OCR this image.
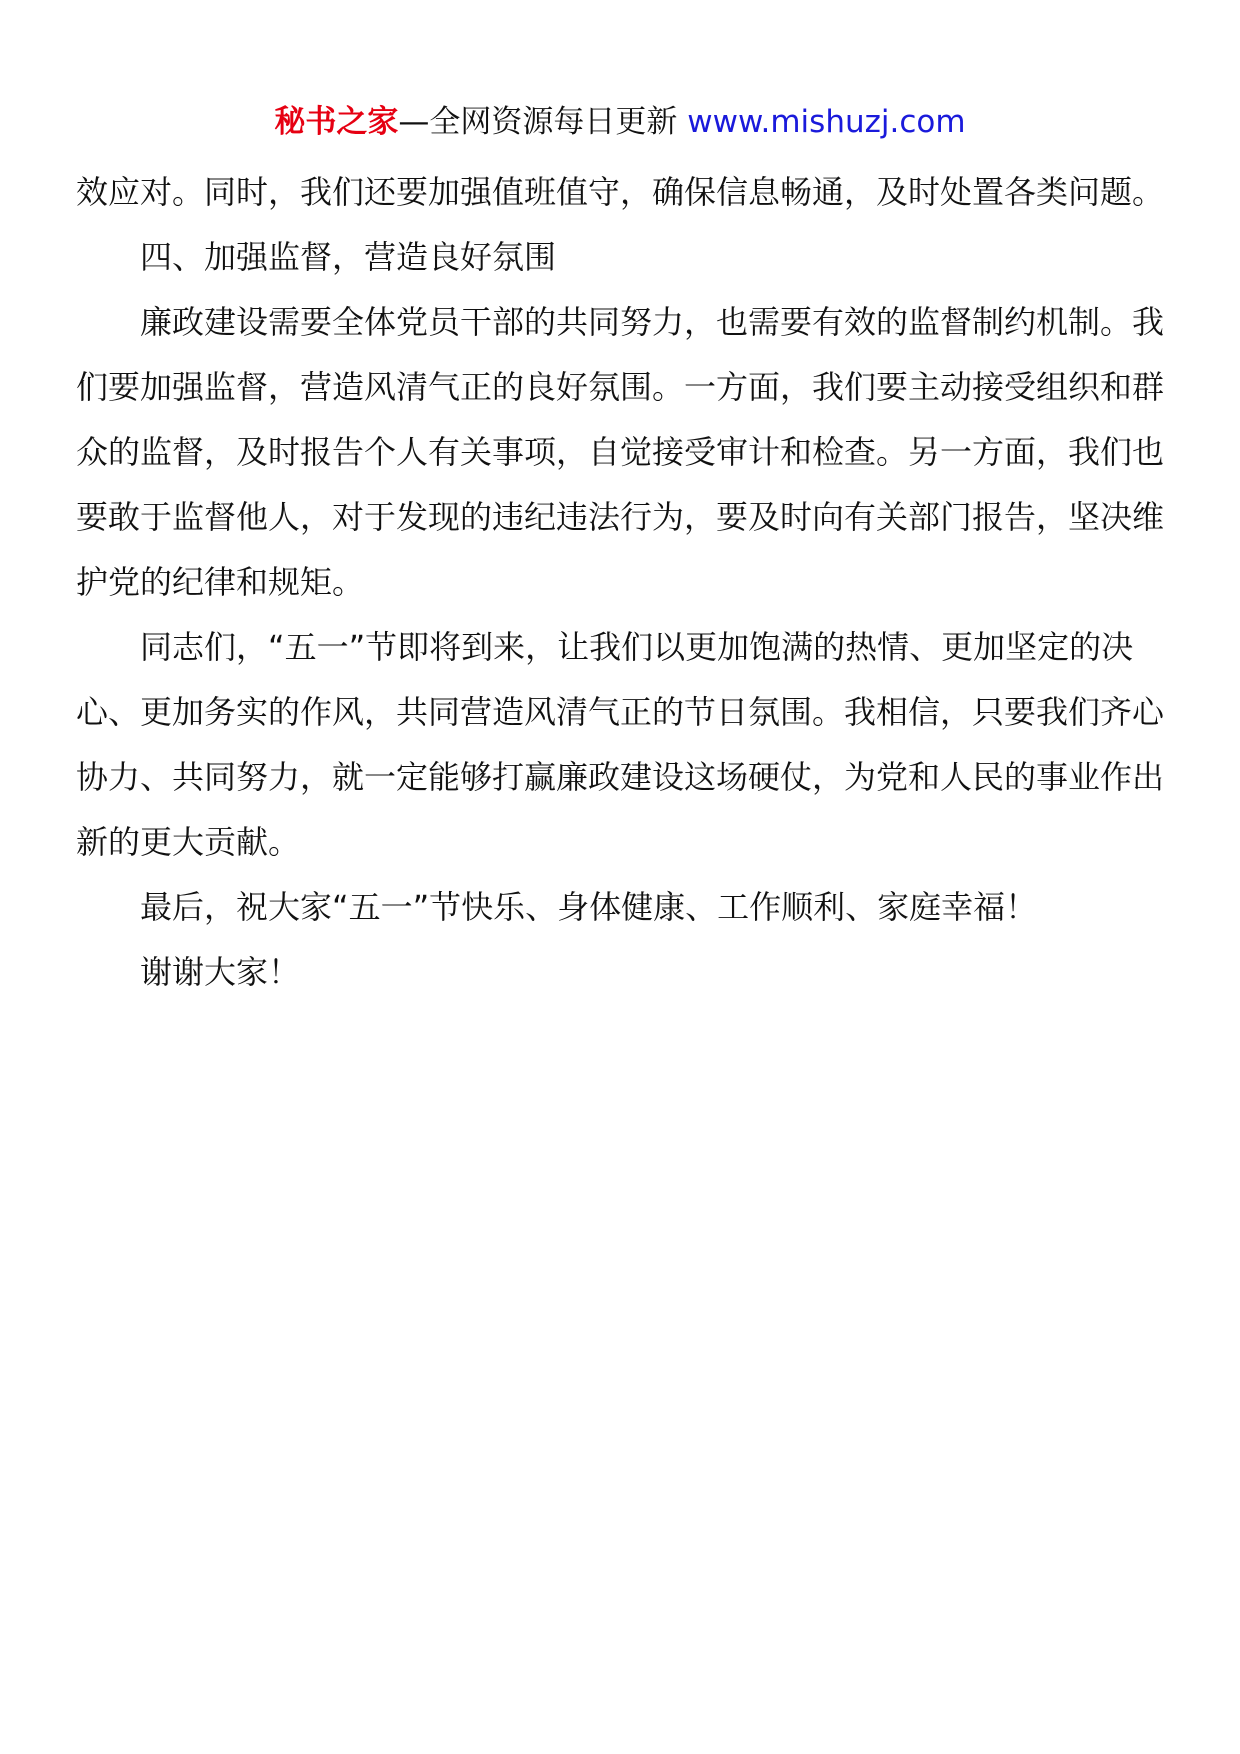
秘书之家—全网资源每日更新 www.mishuzj.com

效应对。同时，我们还要加强值班值守，确保信息畅通，及时处置各类问题。

四、加强监督，营造良好氛围

廉政建设需要全体党员干部的共同努力，也需要有效的监督制约机制。我们要加强监督，营造风清气正的良好氛围。一方面，我们要主动接受组织和群众的监督，及时报告个人有关事项，自觉接受审计和检查。另一方面，我们也要敢于监督他人，对于发现的违纪违法行为，要及时向有关部门报告，坚决维护党的纪律和规矩。

同志们，“五一”节即将到来，让我们以更加饱满的热情、更加坚定的决心、更加务实的作风，共同营造风清气正的节日氛围。我相信，只要我们齐心协力、共同努力，就一定能够打赢廉政建设这场硬仗，为党和人民的事业作出新的更大贡献。

最后，祝大家“五一”节快乐、身体健康、工作顺利、家庭幸福！

谢谢大家！
